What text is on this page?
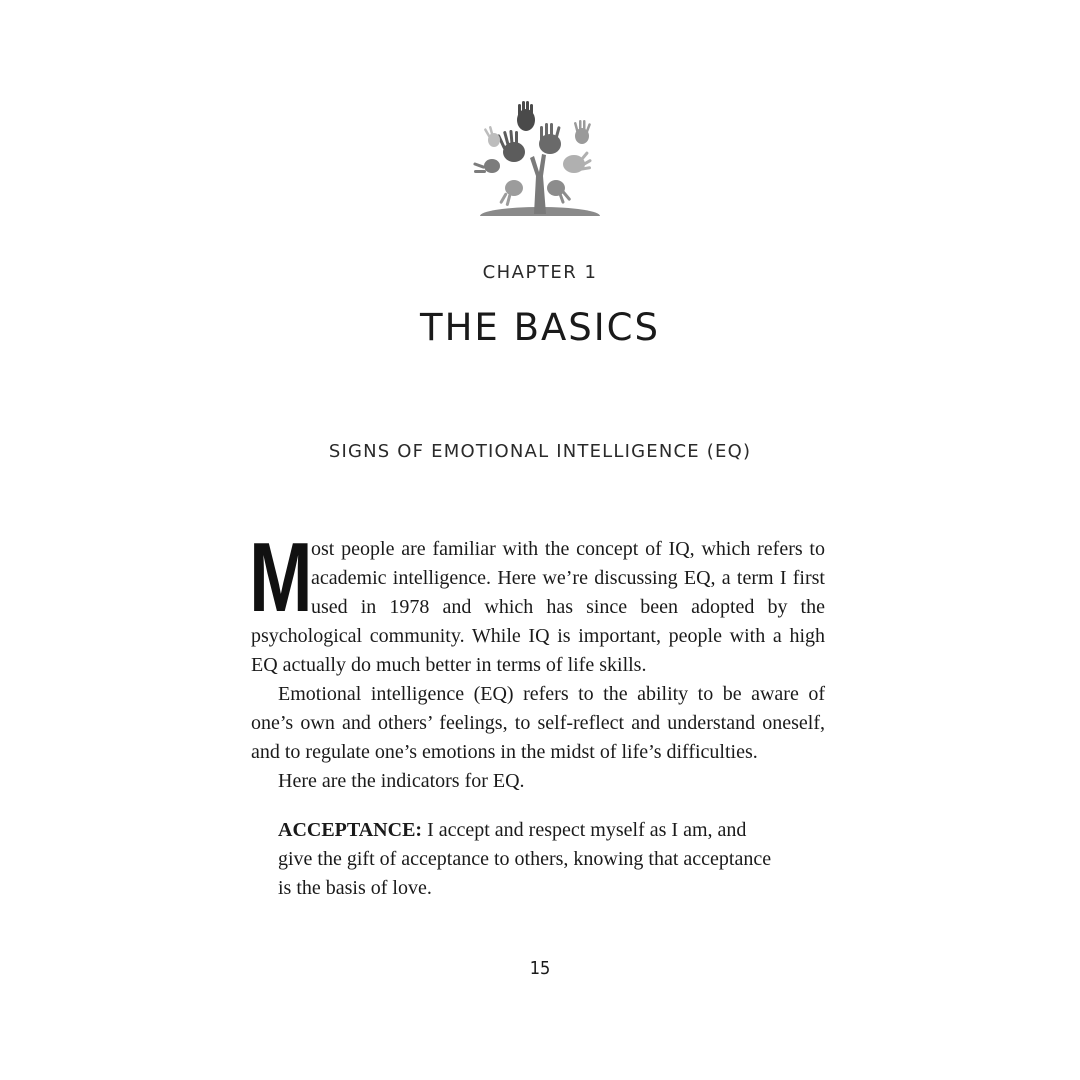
CHAPTER 1
THE BASICS
SIGNS OF EMOTIONAL INTELLIGENCE (EQ)

M
ost people are familiar with the concept of IQ, which refers to academic intelligence. Here we’re discussing EQ, a term I first used in 1978 and which has since been adopted by the psychological community. While IQ is important, people with a high EQ actually do much better in terms of life skills.

Emotional intelligence (EQ) refers to the ability to be aware of one’s own and others’ feelings, to self-reflect and understand oneself, and to regulate one’s emotions in the midst of life’s difficulties.

Here are the indicators for EQ.

ACCEPTANCE: I accept and respect myself as I am, and give the gift of acceptance to others, knowing that acceptance is the basis of love.

15
